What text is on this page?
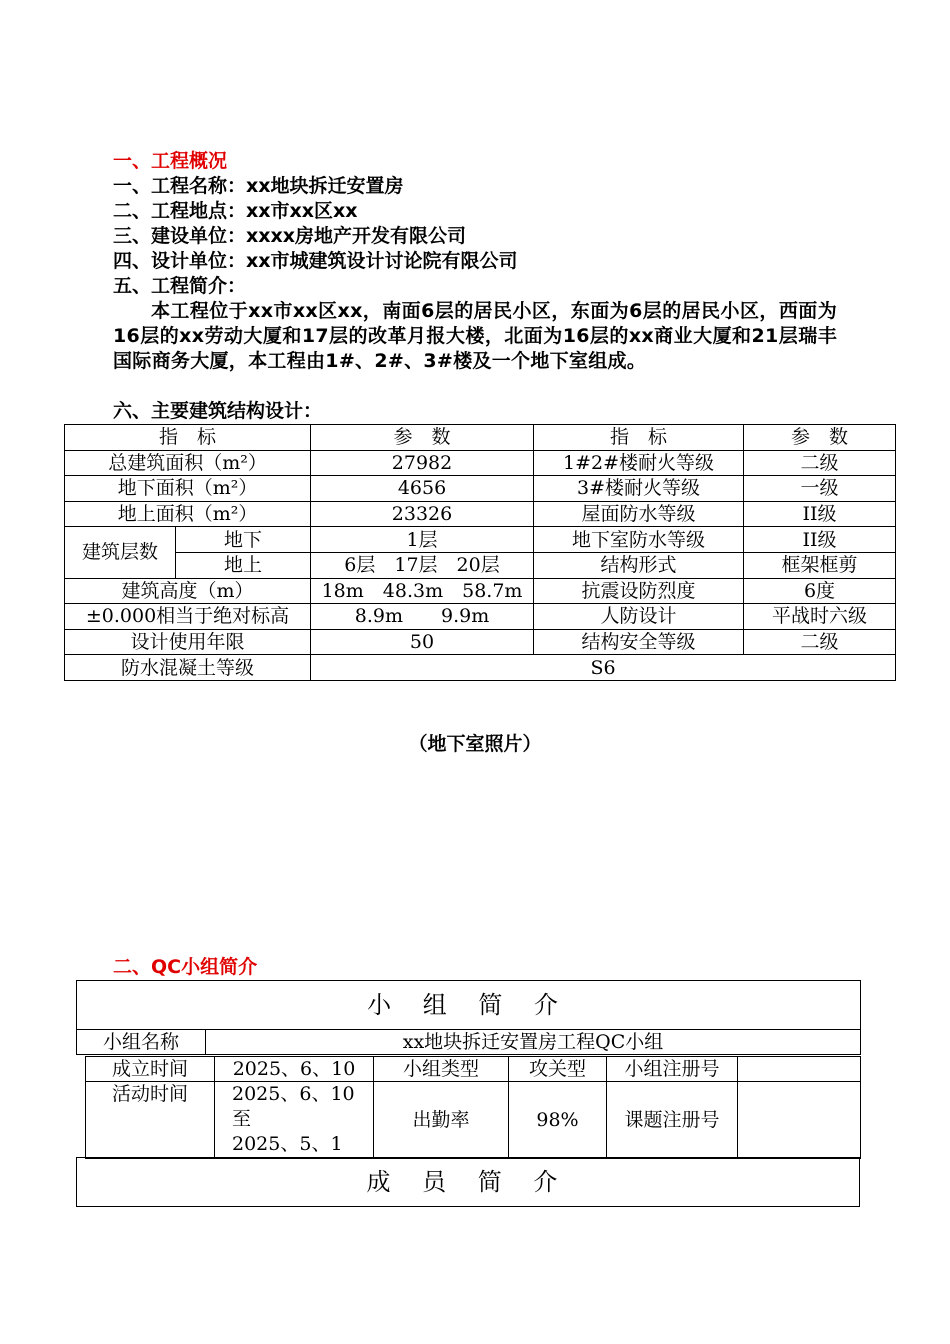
一、工程概况
一、工程名称：xx地块拆迁安置房
二、工程地点：xx市xx区xx
三、建设单位：xxxx房地产开发有限公司
四、设计单位：xx市城建筑设计讨论院有限公司
五、工程简介：
本工程位于xx市xx区xx，南面6层的居民小区，东面为6层的居民小区，西面为16层的xx劳动大厦和17层的改革月报大楼，北面为16层的xx商业大厦和21层瑞丰国际商务大厦，本工程由1#、2#、3#楼及一个地下室组成。
六、主要建筑结构设计：
指　标		参　数	指　标	参　数
总建筑面积（m²）		27982	1#2#楼耐火等级	二级
地下面积（m²）		4656	3#楼耐火等级	一级
地上面积（m²）		23326	屋面防水等级	II级
建筑层数	地下	1层	地下室防水等级	II级
	地上	6层　17层　20层	结构形式	框架框剪
建筑高度（m）		18m　48.3m　58.7m	抗震设防烈度	6度
±0.000相当于绝对标高		8.9m　　9.9m	人防设计	平战时六级
设计使用年限		50	结构安全等级	二级
防水混凝土等级		S6		
（地下室照片）
二、QC小组简介
小 组 简 介
小组名称	xx地块拆迁安置房工程QC小组
成立时间	2025、6、10	小组类型	攻关型	小组注册号	
活动时间	2025、6、10
至
2025、5、1	出勤率	98%	课题注册号	
成 员 简 介
